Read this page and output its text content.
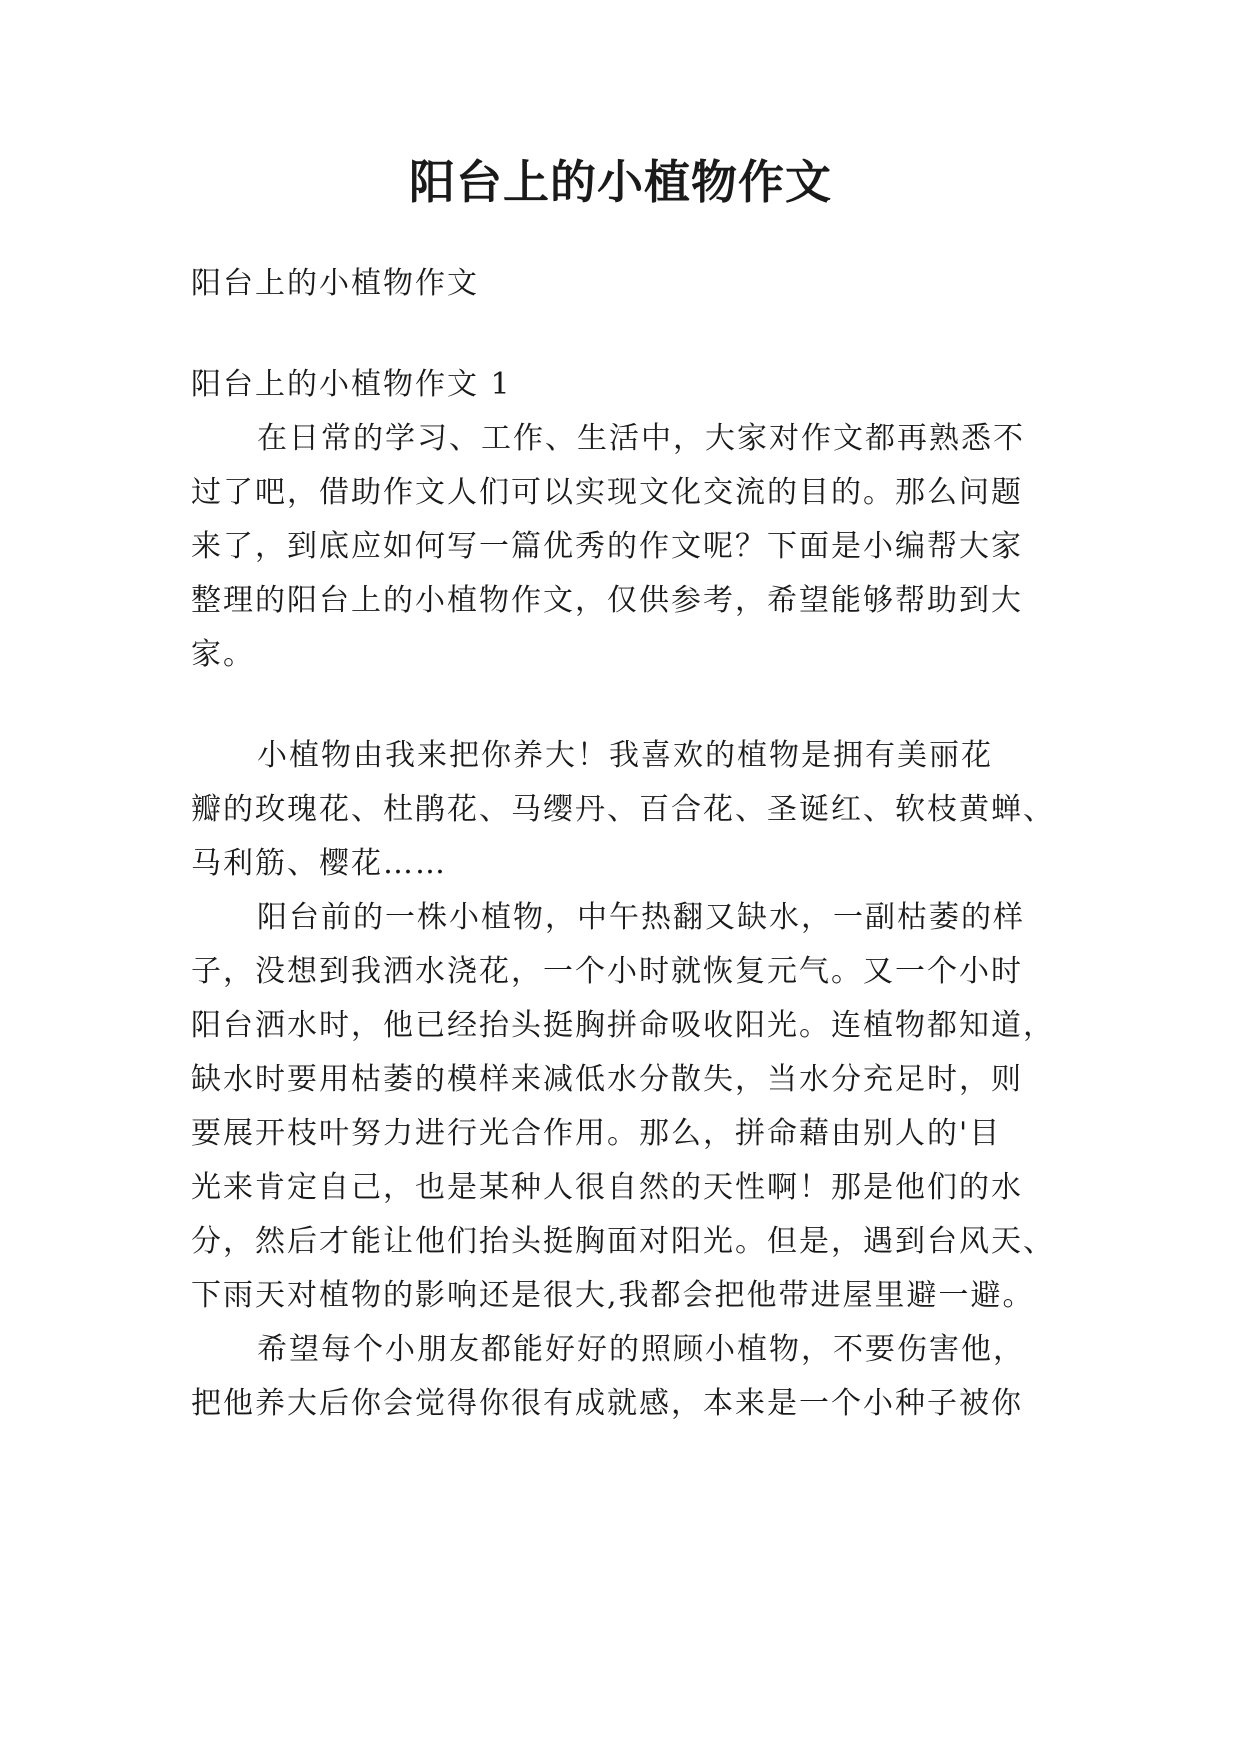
阳台上的小植物作文
阳台上的小植物作文
阳台上的小植物作文 1
在日常的学习、工作、生活中，大家对作文都再熟悉不
过了吧，借助作文人们可以实现文化交流的目的。那么问题
来了，到底应如何写一篇优秀的作文呢？下面是小编帮大家
整理的阳台上的小植物作文，仅供参考，希望能够帮助到大
家。
小植物由我来把你养大！我喜欢的植物是拥有美丽花
瓣的玫瑰花、杜鹃花、马缨丹、百合花、圣诞红、软枝黄蝉、
马利筋、樱花……
阳台前的一株小植物，中午热翻又缺水，一副枯萎的样
子，没想到我洒水浇花，一个小时就恢复元气。又一个小时
阳台洒水时，他已经抬头挺胸拼命吸收阳光。连植物都知道，
缺水时要用枯萎的模样来减低水分散失，当水分充足时，则
要展开枝叶努力进行光合作用。那么，拼命藉由别人的'目
光来肯定自己，也是某种人很自然的天性啊！那是他们的水
分，然后才能让他们抬头挺胸面对阳光。但是，遇到台风天、
下雨天对植物的影响还是很大,我都会把他带进屋里避一避。
希望每个小朋友都能好好的照顾小植物，不要伤害他，
把他养大后你会觉得你很有成就感，本来是一个小种子被你
